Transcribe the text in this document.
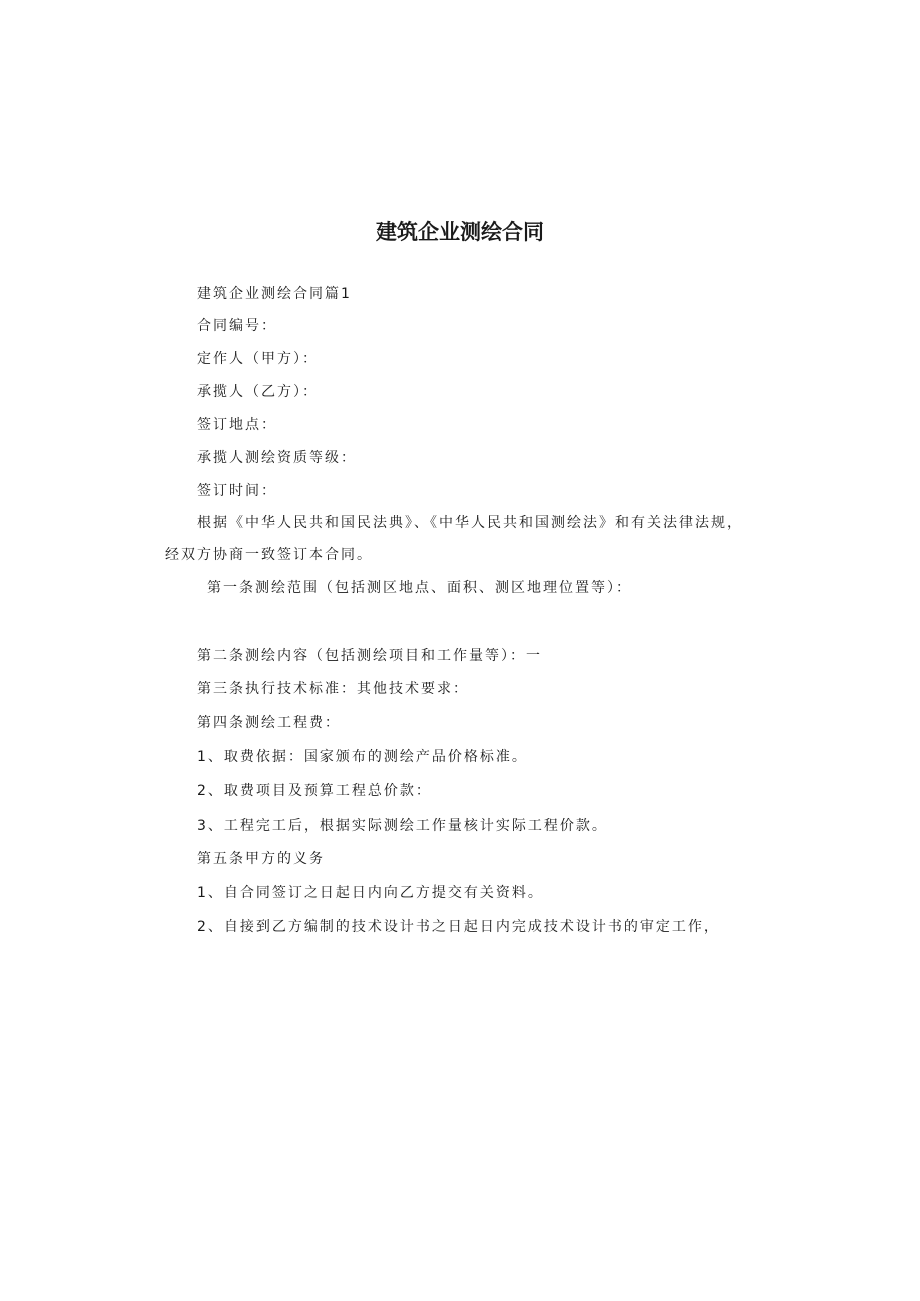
建筑企业测绘合同
建筑企业测绘合同篇1
合同编号：
定作人（甲方）：
承揽人（乙方）：
签订地点：
承揽人测绘资质等级：
签订时间：
根据《中华人民共和国民法典》、《中华人民共和国测绘法》和有关法律法规，
经双方协商一致签订本合同。
第一条测绘范围（包括测区地点、面积、测区地理位置等）：
第二条测绘内容（包括测绘项目和工作量等）：一
第三条执行技术标准：其他技术要求：
第四条测绘工程费：
1、取费依据：国家颁布的测绘产品价格标准。
2、取费项目及预算工程总价款：
3、工程完工后，根据实际测绘工作量核计实际工程价款。
第五条甲方的义务
1、自合同签订之日起日内向乙方提交有关资料。
2、自接到乙方编制的技术设计书之日起日内完成技术设计书的审定工作，
